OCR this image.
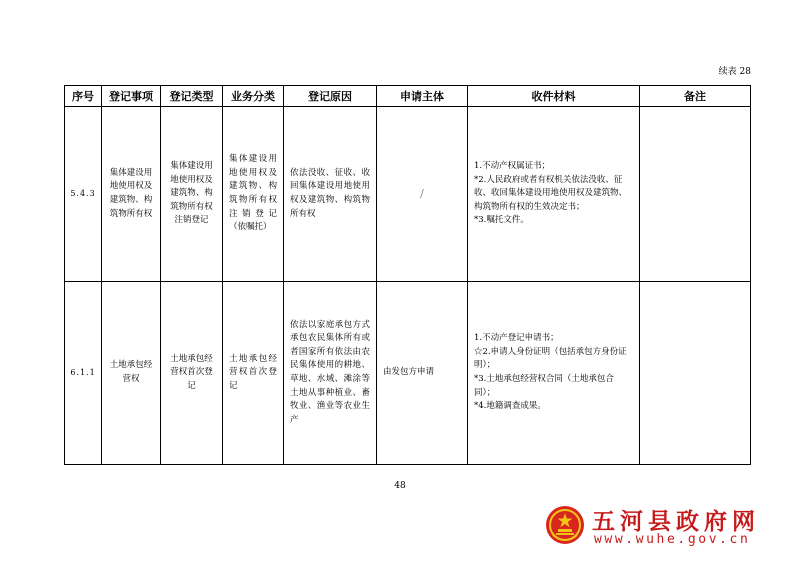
续表 28
序号	登记事项	登记类型	业务分类	登记原因	申请主体	收件材料	备注
5.4.3	集体建设用地使用权及建筑物、构筑物所有权	集体建设用地使用权及建筑物、构筑物所有权注销登记	集体建设用地使用权及建筑物、构筑物所有权注销登记（依嘱托）	依法没收、征收、收回集体建设用地使用权及建筑物、构筑物所有权	/	1.不动产权属证书；
*2.人民政府或者有权机关依法没收、征收、收回集体建设用地使用权及建筑物、构筑物所有权的生效决定书；
*3.嘱托文件。	

6.1.1	土地承包经营权	土地承包经营权首次登记	土地承包经营权首次登记	依法以家庭承包方式承包农民集体所有或者国家所有依法由农民集体使用的耕地、草地、水域、滩涂等土地从事种植业、畜牧业、渔业等农业生产	由发包方申请	1.不动产登记申请书；
☆2.申请人身份证明（包括承包方身份证明）；
*3.土地承包经营权合同（土地承包合同）；
*4.地籍调查成果。	

48
五河县政府网
www.wuhe.gov.cn
